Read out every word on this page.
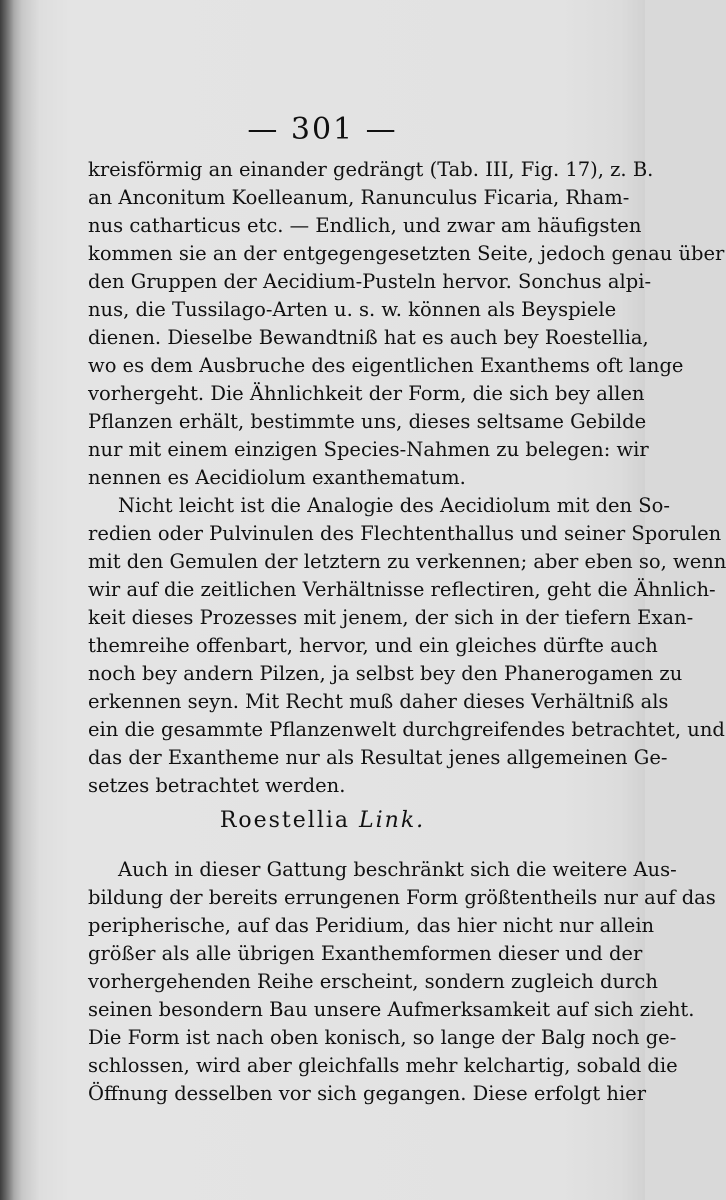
— 301 —
kreisförmig an einander gedrängt (Tab. III, Fig. 17), z. B.
an Anconitum Koelleanum, Ranunculus Ficaria, Rham-
nus catharticus etc. — Endlich, und zwar am häufigsten
kommen sie an der entgegengesetzten Seite, jedoch genau über
den Gruppen der Aecidium-Pusteln hervor. Sonchus alpi-
nus, die Tussilago-Arten u. s. w. können als Beyspiele
dienen. Dieselbe Bewandtniß hat es auch bey Roestellia,
wo es dem Ausbruche des eigentlichen Exanthems oft lange
vorhergeht. Die Ähnlichkeit der Form, die sich bey allen
Pflanzen erhält, bestimmte uns, dieses seltsame Gebilde
nur mit einem einzigen Species-Nahmen zu belegen: wir
nennen es Aecidiolum exanthematum.
Nicht leicht ist die Analogie des Aecidiolum mit den So-
redien oder Pulvinulen des Flechtenthallus und seiner Sporulen
mit den Gemulen der letztern zu verkennen; aber eben so, wenn
wir auf die zeitlichen Verhältnisse reflectiren, geht die Ähnlich-
keit dieses Prozesses mit jenem, der sich in der tiefern Exan-
themreihe offenbart, hervor, und ein gleiches dürfte auch
noch bey andern Pilzen, ja selbst bey den Phanerogamen zu
erkennen seyn. Mit Recht muß daher dieses Verhältniß als
ein die gesammte Pflanzenwelt durchgreifendes betrachtet, und
das der Exantheme nur als Resultat jenes allgemeinen Ge-
setzes betrachtet werden.
Roestellia Link.
Auch in dieser Gattung beschränkt sich die weitere Aus-
bildung der bereits errungenen Form größtentheils nur auf das
peripherische, auf das Peridium, das hier nicht nur allein
größer als alle übrigen Exanthemformen dieser und der
vorhergehenden Reihe erscheint, sondern zugleich durch
seinen besondern Bau unsere Aufmerksamkeit auf sich zieht.
Die Form ist nach oben konisch, so lange der Balg noch ge-
schlossen, wird aber gleichfalls mehr kelchartig, sobald die
Öffnung desselben vor sich gegangen. Diese erfolgt hier
